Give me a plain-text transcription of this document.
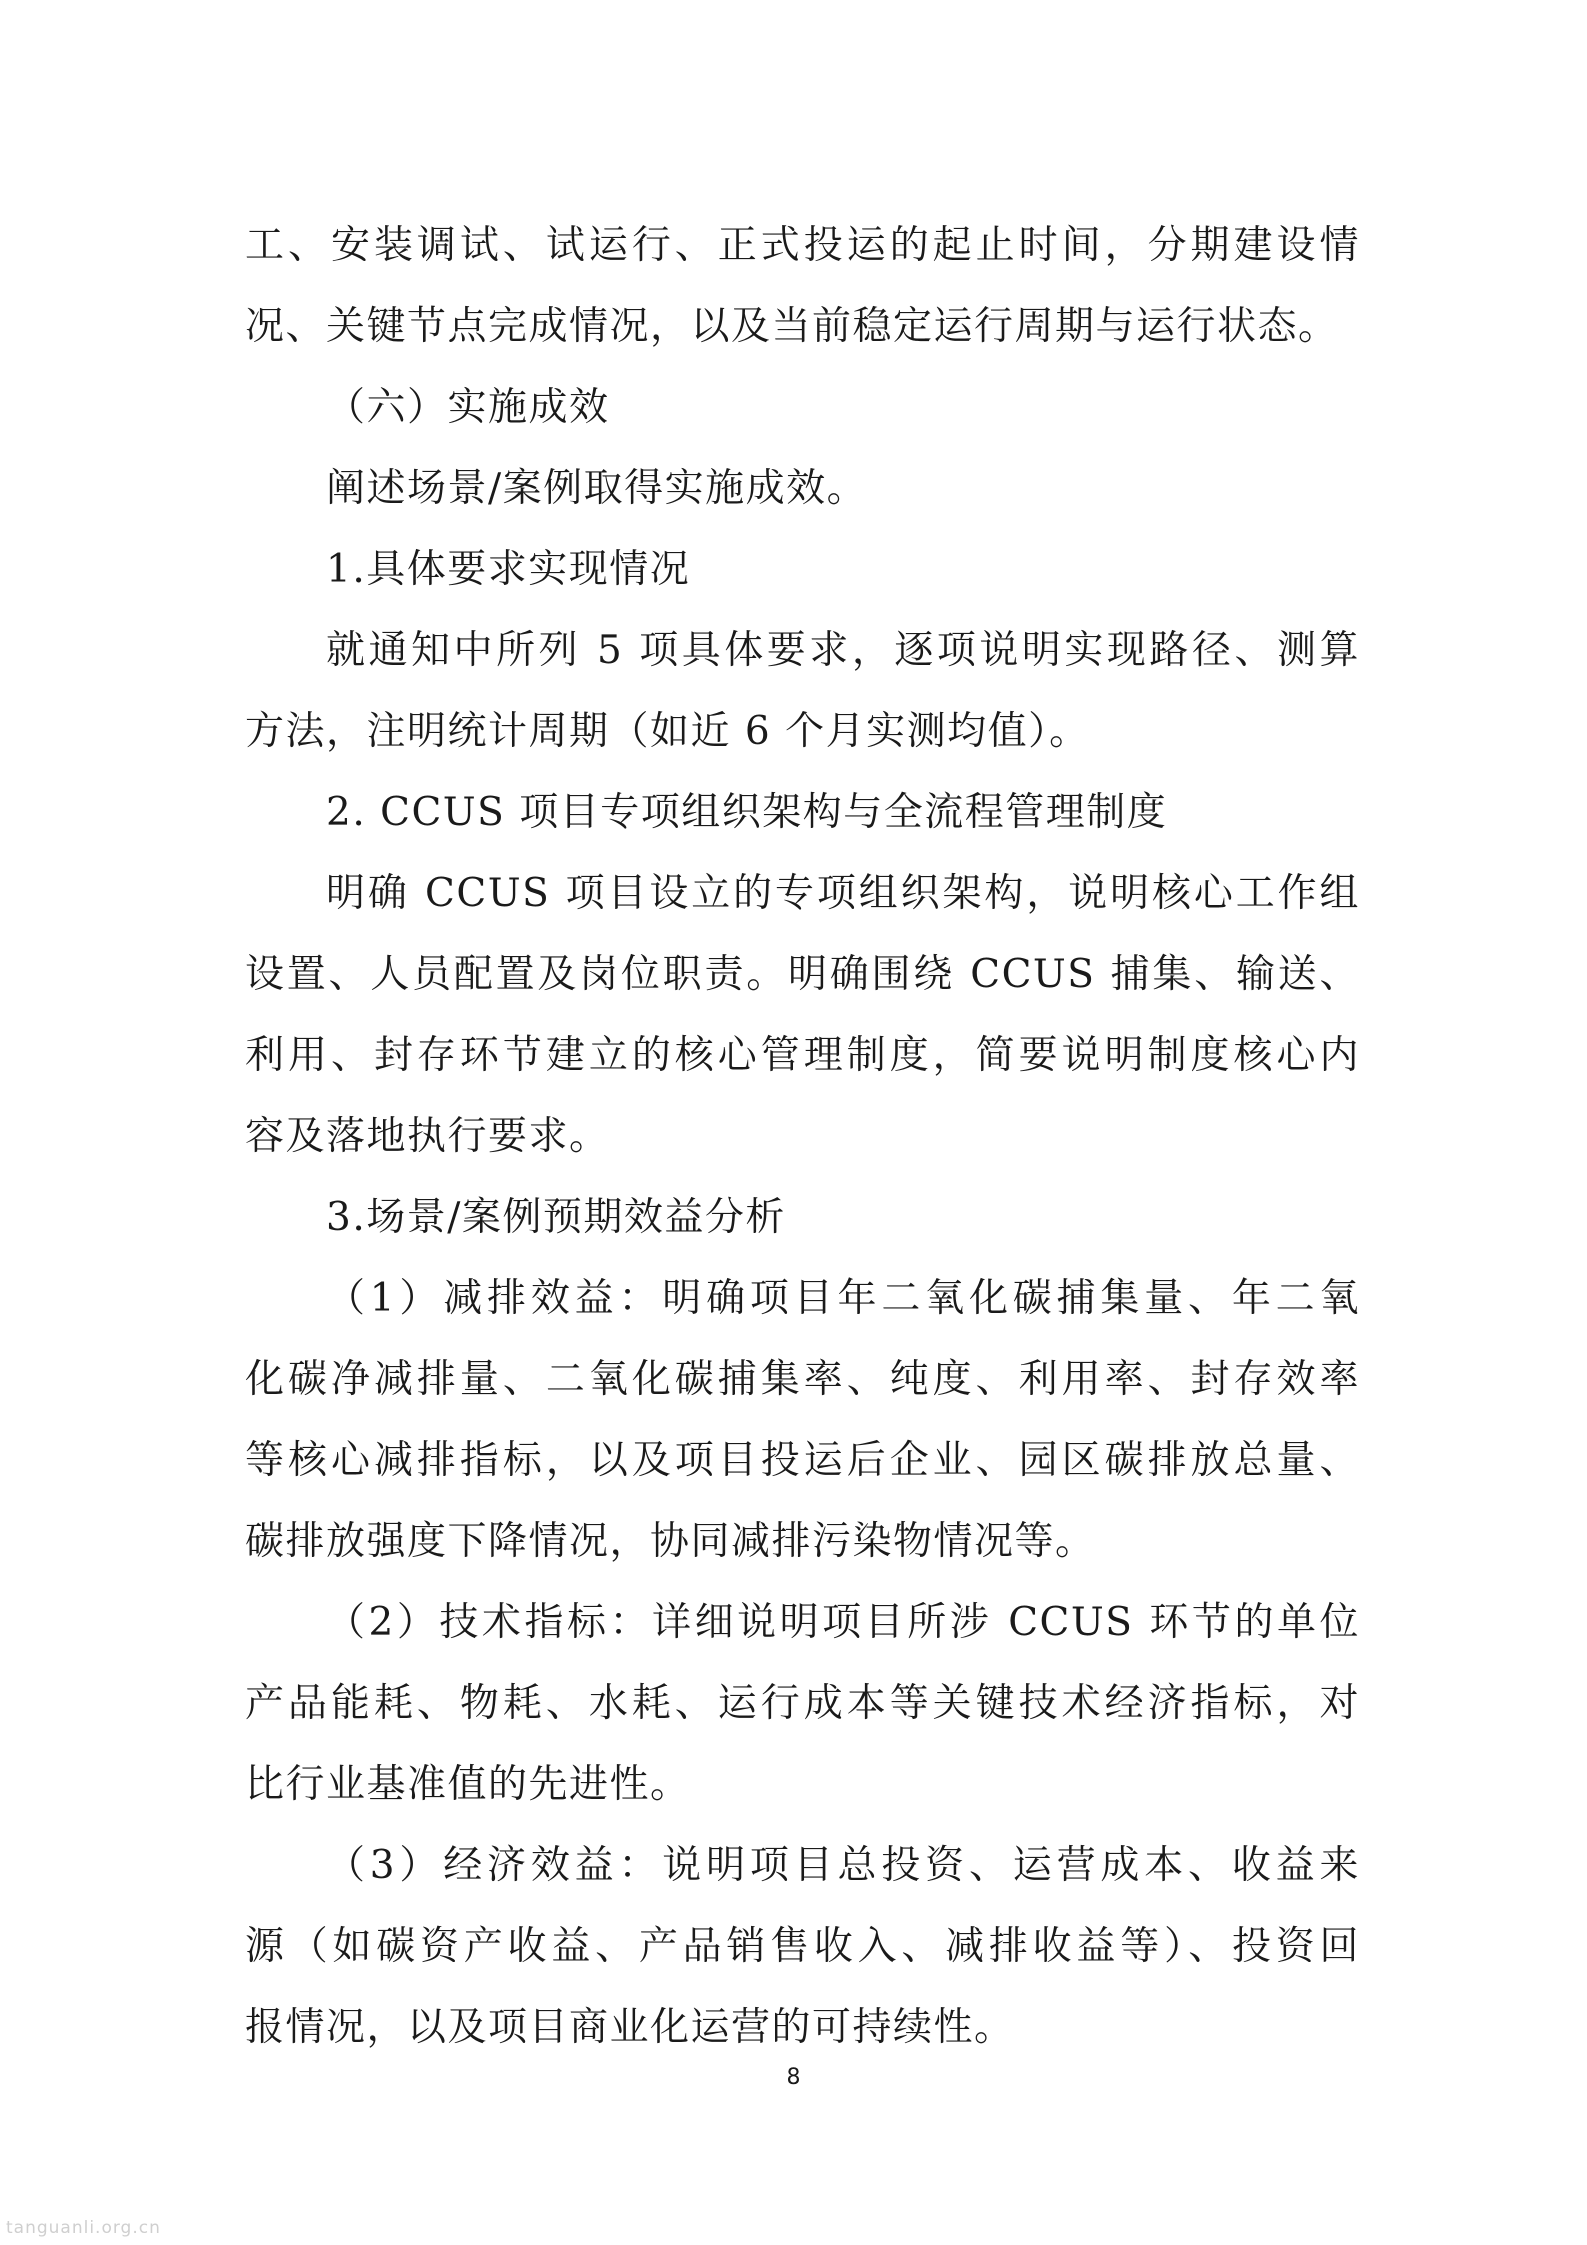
工、安装调试、试运行、正式投运的起止时间，分期建设情
况、关键节点完成情况，以及当前稳定运行周期与运行状态。
（六）实施成效
阐述场景/案例取得实施成效。
1.具体要求实现情况
就通知中所列 5 项具体要求，逐项说明实现路径、测算
方法，注明统计周期（如近 6 个月实测均值）。
2. CCUS 项目专项组织架构与全流程管理制度
明确 CCUS 项目设立的专项组织架构，说明核心工作组
设置、人员配置及岗位职责。明确围绕 CCUS 捕集、输送、
利用、封存环节建立的核心管理制度，简要说明制度核心内
容及落地执行要求。
3.场景/案例预期效益分析
（1）减排效益：明确项目年二氧化碳捕集量、年二氧
化碳净减排量、二氧化碳捕集率、纯度、利用率、封存效率
等核心减排指标，以及项目投运后企业、园区碳排放总量、
碳排放强度下降情况，协同减排污染物情况等。
（2）技术指标：详细说明项目所涉 CCUS 环节的单位
产品能耗、物耗、水耗、运行成本等关键技术经济指标，对
比行业基准值的先进性。
（3）经济效益：说明项目总投资、运营成本、收益来
源（如碳资产收益、产品销售收入、减排收益等）、投资回
报情况，以及项目商业化运营的可持续性。
8
tanguanli.org.cn
